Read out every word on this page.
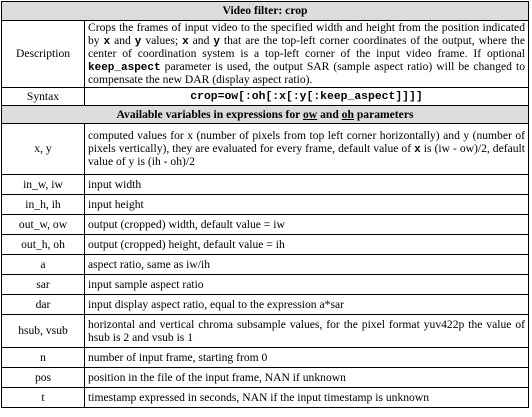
Video filter: crop	
Description	Crops the frames of input video to the specified width and height from the position indicated by x and y values; x and y that are the top-left corner coordinates of the output, where the center of coordination system is a top-left corner of the input video frame. If optional keep_aspect parameter is used, the output SAR (sample aspect ratio) will be changed to compensate the new DAR (display aspect ratio).
Syntax	crop=ow[:oh[:x[:y[:keep_aspect]]]]
Available variables in expressions for ow and oh parameters	
x, y	computed values for x (number of pixels from top left corner horizontally) and y (number of pixels vertically), they are evaluated for every frame, default value of x is (iw - ow)/2, default value of y is (ih - oh)/2
in_w, iw	input width
in_h, ih	input height
out_w, ow	output (cropped) width, default value = iw
out_h, oh	output (cropped) height, default value = ih
a	aspect ratio, same as iw/ih
sar	input sample aspect ratio
dar	input display aspect ratio, equal to the expression a*sar
hsub, vsub	horizontal and vertical chroma subsample values, for the pixel format yuv422p the value of hsub is 2 and vsub is 1
n	number of input frame, starting from 0
pos	position in the file of the input frame, NAN if unknown
t	timestamp expressed in seconds, NAN if the input timestamp is unknown
